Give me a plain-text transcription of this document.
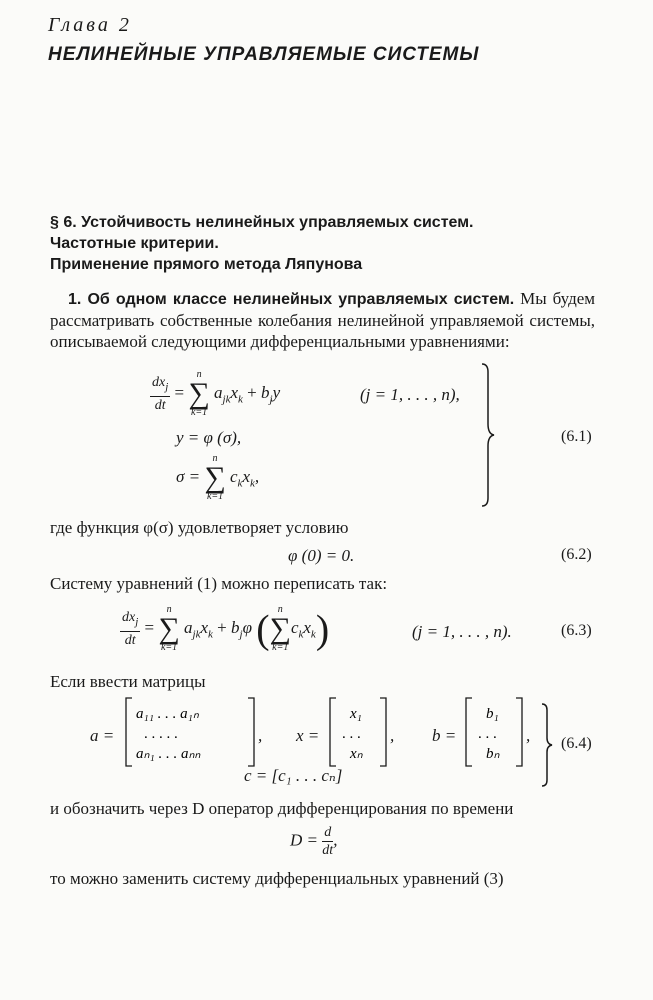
Глава 2
НЕЛИНЕЙНЫЕ УПРАВЛЯЕМЫЕ СИСТЕМЫ
§ 6. Устойчивость нелинейных управляемых систем.
Частотные критерии.
Применение прямого метода Ляпунова
1. Об одном классе нелинейных управляемых систем. Мы будем рассматривать собственные колебания нелинейной управляемой системы, описываемой следующими дифференциальными уравнениями:
$\frac{dx_j}{dt}$ =
n
∑
k=1
$a_{jk}x_k + b_jy$	(j = 1, . . . , n),
y = φ (σ),
σ =
n
∑
k=1
$c_kx_k$,
(6.1)
где функция φ(σ) удовлетворяет условию
φ (0) = 0.	(6.2)
Систему уравнений (1) можно переписать так:
$\frac{dx_j}{dt}$ =
n
∑
k=1
$a_{jk}x_k + b_j\varphi$ ( n
∑
k=1
$c_kx_k$)	(j = 1, . . . , n).	(6.3)
Если ввести матрицы
a =
a₁₁ . . . a₁ₙ
. . . . .
aₙ₁ . . . aₙₙ
, x =
x₁
. . .
xₙ
, b =
b₁
. . .
bₙ
, (6.4)
c = [c₁ . . . cₙ]
и обозначить через D оператор дифференцирования по времени
$D = \frac{d}{dt}$ ,
то можно заменить систему дифференциальных уравнений (3)
